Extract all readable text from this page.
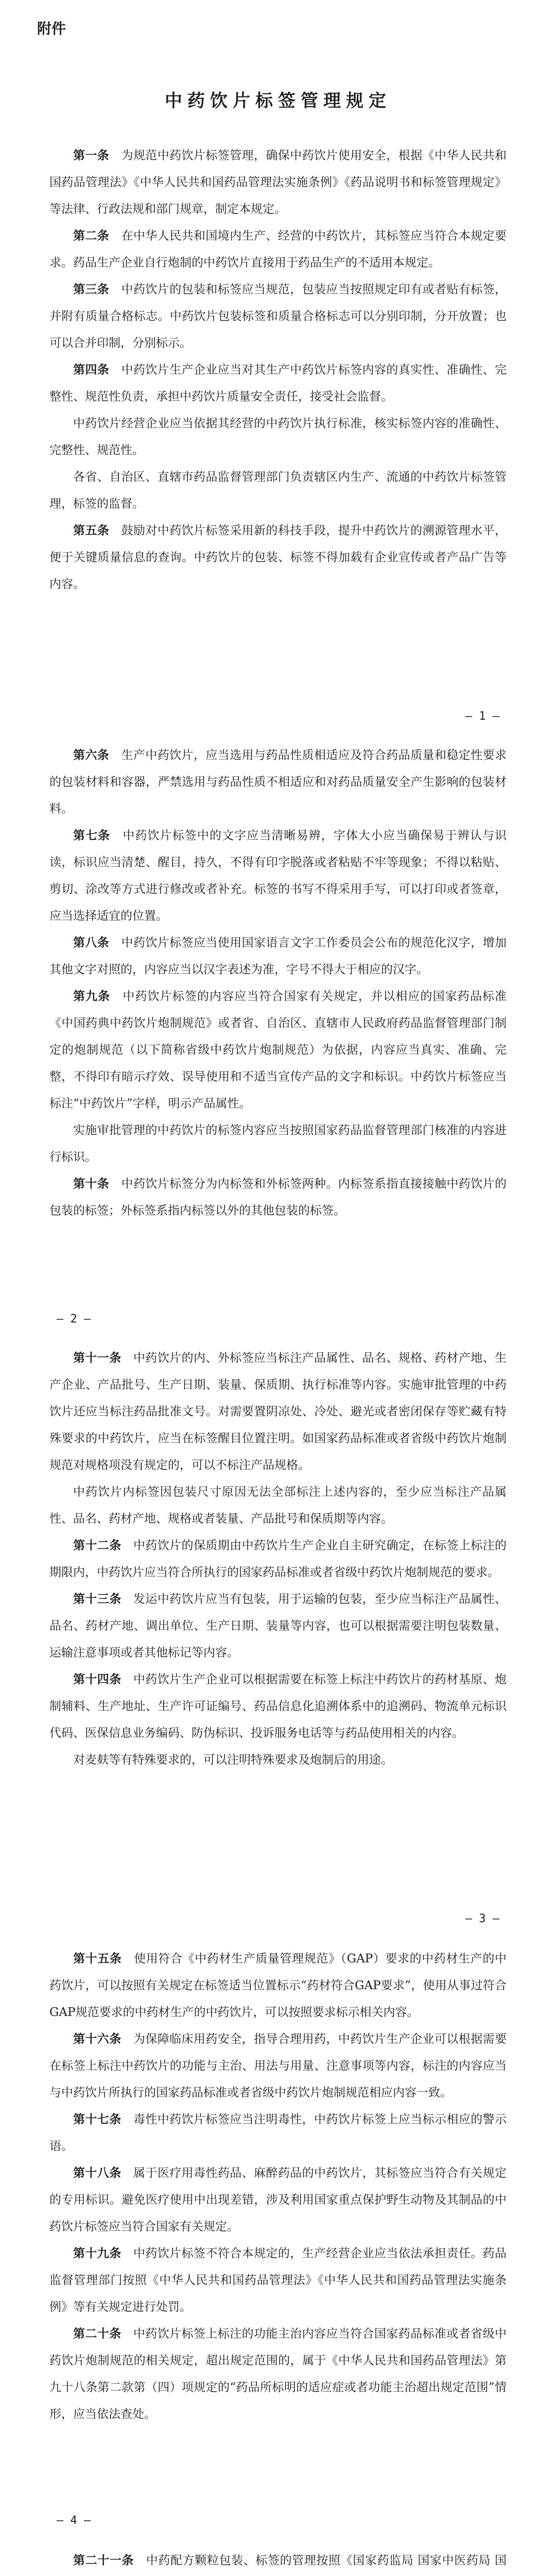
附件
中药饮片标签管理规定

第一条　 为规范中药饮片标签管理，确保中药饮片使用安全，根据《中华人民共和国药品管理法》《中华人民共和国药品管理法实施条例》《药品说明书和标签管理规定》等法律、行政法规和部门规章，制定本规定。

第二条　 在中华人民共和国境内生产、经营的中药饮片，其标签应当符合本规定要求。药品生产企业自行炮制的中药饮片直接用于药品生产的不适用本规定。

第三条　 中药饮片的包装和标签应当规范，包装应当按照规定印有或者贴有标签，并附有质量合格标志。中药饮片包装标签和质量合格标志可以分别印制，分开放置；也可以合并印制，分别标示。

第四条　 中药饮片生产企业应当对其生产中药饮片标签内容的真实性、准确性、完整性、规范性负责，承担中药饮片质量安全责任，接受社会监督。

中药饮片经营企业应当依据其经营的中药饮片执行标准，核实标签内容的准确性、完整性、规范性。

各省、自治区、直辖市药品监督管理部门负责辖区内生产、流通的中药饮片标签管理，标签的监督。

第五条　 鼓励对中药饮片标签采用新的科技手段，提升中药饮片的溯源管理水平，便于关键质量信息的查询。中药饮片的包装、标签不得加载有企业宣传或者产品广告等内容。

— 1 —

第六条　 生产中药饮片，应当选用与药品性质相适应及符合药品质量和稳定性要求的包装材料和容器，严禁选用与药品性质不相适应和对药品质量安全产生影响的包装材料。

第七条　 中药饮片标签中的文字应当清晰易辨，字体大小应当确保易于辨认与识读，标识应当清楚、醒目，持久，不得有印字脱落或者粘贴不牢等现象；不得以粘贴、剪切、涂改等方式进行修改或者补充。标签的书写不得采用手写，可以打印或者签章，应当选择适宜的位置。

第八条　 中药饮片标签应当使用国家语言文字工作委员会公布的规范化汉字，增加其他文字对照的，内容应当以汉字表述为准，字号不得大于相应的汉字。

第九条　 中药饮片标签的内容应当符合国家有关规定，并以相应的国家药品标准《中国药典中药饮片炮制规范》或者省、自治区、直辖市人民政府药品监督管理部门制定的炮制规范（以下简称省级中药饮片炮制规范）为依据，内容应当真实、准确、完整，不得印有暗示疗效、误导使用和不适当宣传产品的文字和标识。中药饮片标签应当标注“中药饮片”字样，明示产品属性。

实施审批管理的中药饮片的标签内容应当按照国家药品监督管理部门核准的内容进行标识。

第十条　 中药饮片标签分为内标签和外标签两种。内标签系指直接接触中药饮片的包装的标签；外标签系指内标签以外的其他包装的标签。

— 2 —

第十一条　 中药饮片的内、外标签应当标注产品属性、品名、规格、药材产地、生产企业、产品批号、生产日期、装量、保质期、执行标准等内容。实施审批管理的中药饮片还应当标注药品批准文号。对需要置阴凉处、冷处、避光或者密闭保存等贮藏有特殊要求的中药饮片，应当在标签醒目位置注明。如国家药品标准或者省级中药饮片炮制规范对规格项没有规定的，可以不标注产品规格。

中药饮片内标签因包装尺寸原因无法全部标注上述内容的，至少应当标注产品属性、品名、药材产地、规格或者装量、产品批号和保质期等内容。

第十二条　 中药饮片的保质期由中药饮片生产企业自主研究确定，在标签上标注的期限内，中药饮片应当符合所执行的国家药品标准或者省级中药饮片炮制规范的要求。

第十三条　 发运中药饮片应当有包装，用于运输的包装，至少应当标注产品属性、品名、药材产地、调出单位、生产日期、装量等内容，也可以根据需要注明包装数量、运输注意事项或者其他标记等内容。

第十四条　 中药饮片生产企业可以根据需要在标签上标注中药饮片的药材基原、炮制辅料、生产地址、生产许可证编号、药品信息化追溯体系中的追溯码、物流单元标识代码、医保信息业务编码、防伪标识、投诉服务电话等与药品使用相关的内容。

对麦麸等有特殊要求的，可以注明特殊要求及炮制后的用途。

— 3 —

第十五条　 使用符合《中药材生产质量管理规范》（GAP）要求的中药材生产的中药饮片，可以按照有关规定在标签适当位置标示“药材符合GAP要求”，使用从事过符合GAP规范要求的中药材生产的中药饮片，可以按照要求标示相关内容。

第十六条　 为保障临床用药安全，指导合理用药，中药饮片生产企业可以根据需要在标签上标注中药饮片的功能与主治、用法与用量、注意事项等内容，标注的内容应当与中药饮片所执行的国家药品标准或者省级中药饮片炮制规范相应内容一致。

第十七条　 毒性中药饮片标签应当注明毒性，中药饮片标签上应当标示相应的警示语。

第十八条　 属于医疗用毒性药品、麻醉药品的中药饮片，其标签应当符合有关规定的专用标识。避免医疗使用中出现差错，涉及利用国家重点保护野生动物及其制品的中药饮片标签应当符合国家有关规定。

第十九条　 中药饮片标签不符合本规定的，生产经营企业应当依法承担责任。药品监督管理部门按照《中华人民共和国药品管理法》《中华人民共和国药品管理法实施条例》等有关规定进行处罚。

第二十条　 中药饮片标签上标注的功能主治内容应当符合国家药品标准或者省级中药饮片炮制规范的相关规定，超出规定范围的，属于《中华人民共和国药品管理法》第九十八条第二款第（四）项规定的“药品所标明的适应症或者功能主治超出规定范围”情形，应当依法查处。

— 4 —

第二十一条　 中药配方颗粒包装、标签的管理按照《国家药监局 国家中医药局 国
